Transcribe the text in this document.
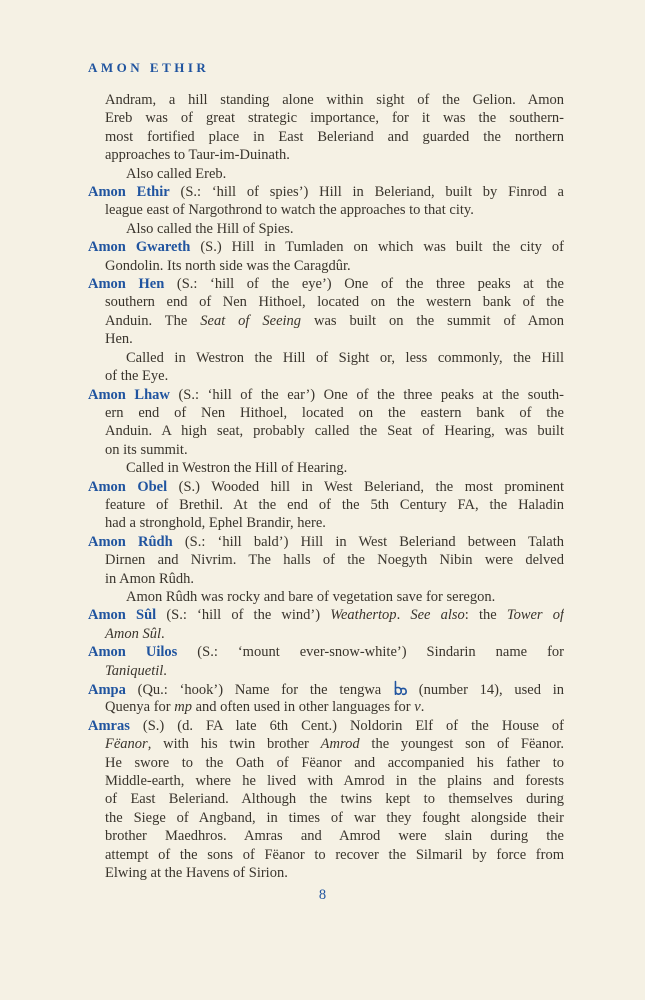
AMON ETHIR
Andram, a hill standing alone within sight of the Gelion. Amon
Ereb was of great strategic importance, for it was the southern-
most fortified place in East Beleriand and guarded the northern
approaches to Taur-im-Duinath.
Also called Ereb.
Amon Ethir (S.: ‘hill of spies’) Hill in Beleriand, built by Finrod a
league east of Nargothrond to watch the approaches to that city.
Also called the Hill of Spies.
Amon Gwareth (S.) Hill in Tumladen on which was built the city of
Gondolin. Its north side was the Caragdûr.
Amon Hen (S.: ‘hill of the eye’) One of the three peaks at the
southern end of Nen Hithoel, located on the western bank of the
Anduin. The Seat of Seeing was built on the summit of Amon
Hen.
Called in Westron the Hill of Sight or, less commonly, the Hill
of the Eye.
Amon Lhaw (S.: ‘hill of the ear’) One of the three peaks at the south-
ern end of Nen Hithoel, located on the eastern bank of the
Anduin. A high seat, probably called the Seat of Hearing, was built
on its summit.
Called in Westron the Hill of Hearing.
Amon Obel (S.) Wooded hill in West Beleriand, the most prominent
feature of Brethil. At the end of the 5th Century FA, the Haladin
had a stronghold, Ephel Brandir, here.
Amon Rûdh (S.: ‘hill bald’) Hill in West Beleriand between Talath
Dirnen and Nivrim. The halls of the Noegyth Nibin were delved
in Amon Rûdh.
Amon Rûdh was rocky and bare of vegetation save for seregon.
Amon Sûl (S.: ‘hill of the wind’) Weathertop. See also: the Tower of
Amon Sûl.
Amon Uilos (S.: ‘mount ever-snow-white’) Sindarin name for
Taniquetil.
Ampa (Qu.: ‘hook’) Name for the tengwa  (number 14), used in
Quenya for mp and often used in other languages for v.
Amras (S.) (d. FA late 6th Cent.) Noldorin Elf of the House of
Fëanor, with his twin brother Amrod the youngest son of Fëanor.
He swore to the Oath of Fëanor and accompanied his father to
Middle-earth, where he lived with Amrod in the plains and forests
of East Beleriand. Although the twins kept to themselves during
the Siege of Angband, in times of war they fought alongside their
brother Maedhros. Amras and Amrod were slain during the
attempt of the sons of Fëanor to recover the Silmaril by force from
Elwing at the Havens of Sirion.
8
